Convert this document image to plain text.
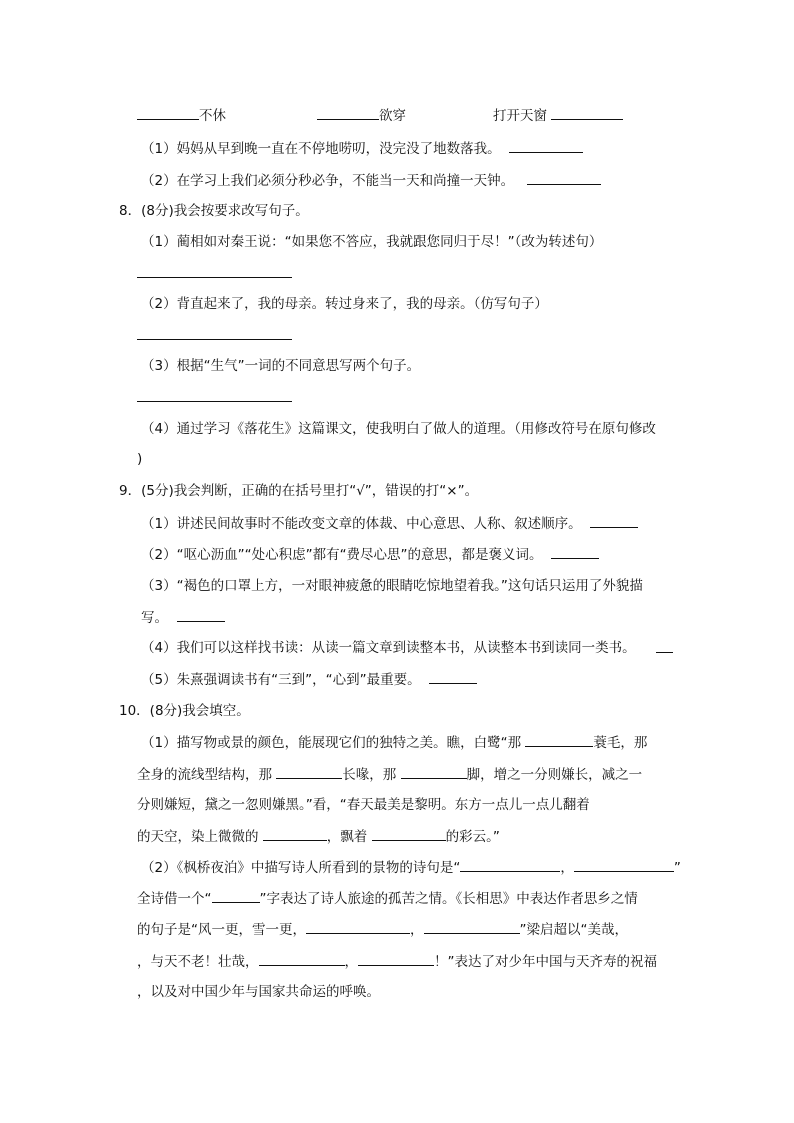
不休	欲穿	打开天窗
（1）妈妈从早到晚一直在不停地唠叨，没完没了地数落我。
（2）在学习上我们必须分秒必争，不能当一天和尚撞一天钟。
8．(8分)我会按要求改写句子。
（1）蔺相如对秦王说：“如果您不答应，我就跟您同归于尽！”（改为转述句）
（2）背直起来了，我的母亲。转过身来了，我的母亲。（仿写句子）
（3）根据“生气”一词的不同意思写两个句子。
（4）通过学习《落花生》这篇课文，使我明白了做人的道理。（用修改符号在原句修改
)
9．(5分)我会判断，正确的在括号里打“√”，错误的打“×”。
（1）讲述民间故事时不能改变文章的体裁、中心意思、人称、叙述顺序。
（2）“呕心沥血”“处心积虑”都有“费尽心思”的意思，都是褒义词。
（3）“褐色的口罩上方，一对眼神疲惫的眼睛吃惊地望着我。”这句话只运用了外貌描
写。
（4）我们可以这样找书读：从读一篇文章到读整本书，从读整本书到读同一类书。
（5）朱熹强调读书有“三到”，“心到”最重要。
10．(8分)我会填空。
（1）描写物或景的颜色，能展现它们的独特之美。瞧，白鹭“那	蓑毛，那
全身的流线型结构，那	长喙，那	脚，增之一分则嫌长，减之一
分则嫌短，黛之一忽则嫌黑。”看，“春天最美是黎明。东方一点儿一点儿翻着
的天空，染上微微的	，飘着	的彩云。”
（2）《枫桥夜泊》中描写诗人所看到的景物的诗句是“	，	”
全诗借一个“	”字表达了诗人旅途的孤苦之情。《长相思》中表达作者思乡之情
的句子是“风一更，雪一更，	，	”梁启超以“美哉，
，与天不老！壮哉，	，	！”表达了对少年中国与天齐寿的祝福
，以及对中国少年与国家共命运的呼唤。
